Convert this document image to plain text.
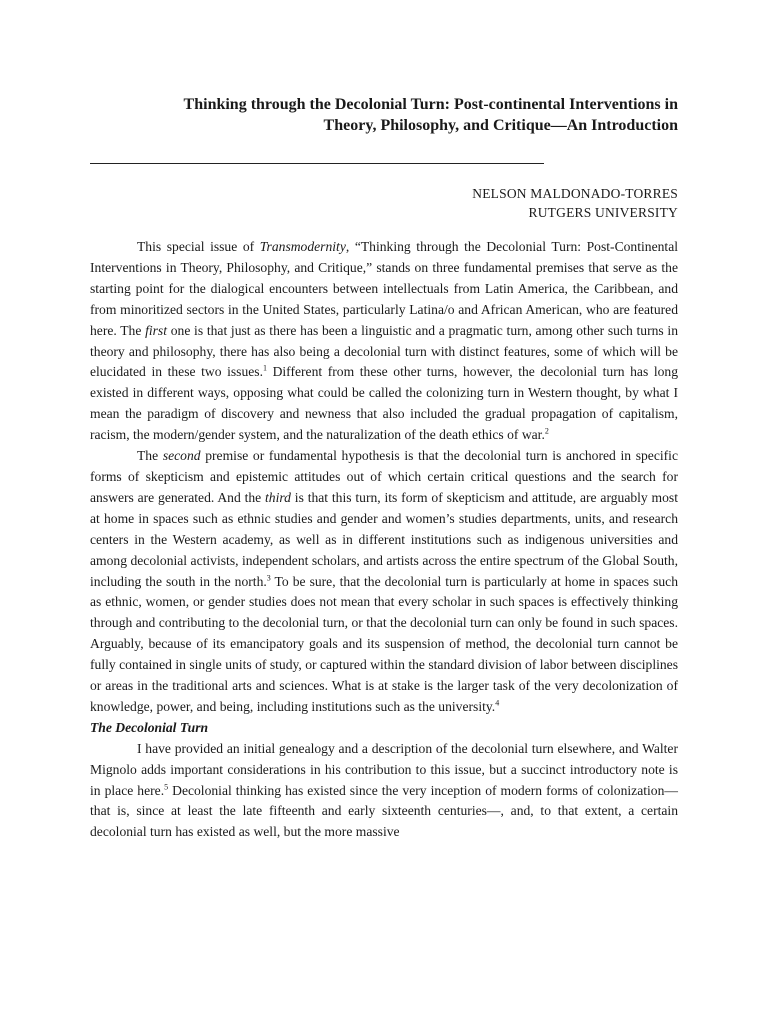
Thinking through the Decolonial Turn: Post-continental Interventions in
Theory, Philosophy, and Critique—An Introduction
NELSON MALDONADO-TORRES
RUTGERS UNIVERSITY

This special issue of Transmodernity, “Thinking through the Decolonial Turn: Post-Continental Interventions in Theory, Philosophy, and Critique,” stands on three fundamental premises that serve as the starting point for the dialogical encounters between intellectuals from Latin America, the Caribbean, and from minoritized sectors in the United States, particularly Latina/o and African American, who are featured here. The first one is that just as there has been a linguistic and a pragmatic turn, among other such turns in theory and philosophy, there has also being a decolonial turn with distinct features, some of which will be elucidated in these two issues.$^1$ Different from these other turns, however, the decolonial turn has long existed in different ways, opposing what could be called the colonizing turn in Western thought, by what I mean the paradigm of discovery and newness that also included the gradual propagation of capitalism, racism, the modern/gender system, and the naturalization of the death ethics of war.$^2$

The second premise or fundamental hypothesis is that the decolonial turn is anchored in specific forms of skepticism and epistemic attitudes out of which certain critical questions and the search for answers are generated. And the third is that this turn, its form of skepticism and attitude, are arguably most at home in spaces such as ethnic studies and gender and women’s studies departments, units, and research centers in the Western academy, as well as in different institutions such as indigenous universities and among decolonial activists, independent scholars, and artists across the entire spectrum of the Global South, including the south in the north.$^3$ To be sure, that the decolonial turn is particularly at home in spaces such as ethnic, women, or gender studies does not mean that every scholar in such spaces is effectively thinking through and contributing to the decolonial turn, or that the decolonial turn can only be found in such spaces. Arguably, because of its emancipatory goals and its suspension of method, the decolonial turn cannot be fully contained in single units of study, or captured within the standard division of labor between disciplines or areas in the traditional arts and sciences. What is at stake is the larger task of the very decolonization of knowledge, power, and being, including institutions such as the university.$^4$

The Decolonial Turn

I have provided an initial genealogy and a description of the decolonial turn elsewhere, and Walter Mignolo adds important considerations in his contribution to this issue, but a succinct introductory note is in place here.$^5$ Decolonial thinking has existed since the very inception of modern forms of colonization—that is, since at least the late fifteenth and early sixteenth centuries—, and, to that extent, a certain decolonial turn has existed as well, but the more massive
